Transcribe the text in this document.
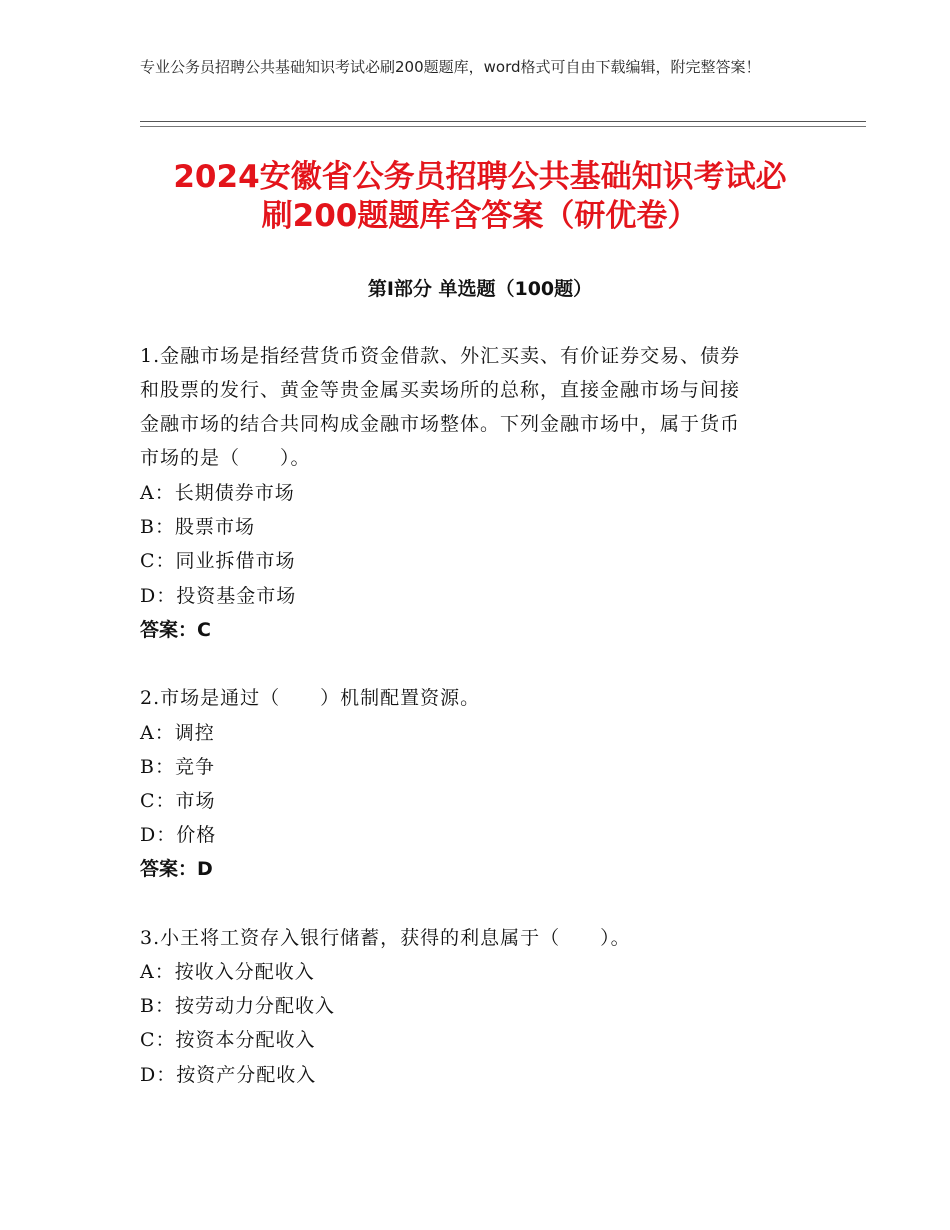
专业公务员招聘公共基础知识考试必刷200题题库，word格式可自由下载编辑，附完整答案！
2024安徽省公务员招聘公共基础知识考试必
刷200题题库含答案（研优卷）
第Ⅰ部分 单选题（100题）
1.金融市场是指经营货币资金借款、外汇买卖、有价证券交易、债券
和股票的发行、黄金等贵金属买卖场所的总称，直接金融市场与间接
金融市场的结合共同构成金融市场整体。下列金融市场中，属于货币
市场的是（　　）。
A：长期债券市场
B：股票市场
C：同业拆借市场
D：投资基金市场
答案：C
2.市场是通过（　　）机制配置资源。
A：调控
B：竞争
C：市场
D：价格
答案：D
3.小王将工资存入银行储蓄，获得的利息属于（　　）。
A：按收入分配收入
B：按劳动力分配收入
C：按资本分配收入
D：按资产分配收入
